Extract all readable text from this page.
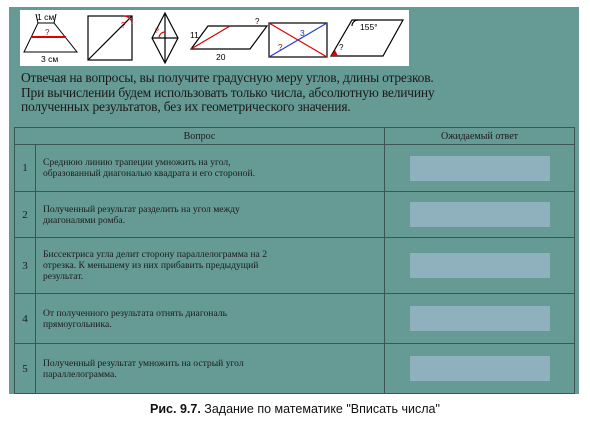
1 см
3 см
?
?
?	11
20
?
3
?
155°
?
Отвечая на вопросы, вы получите градусную меру углов, длины отрезков.
При вычислении будем использовать только числа, абсолютную величину
полученных результатов, без их геометрического значения.
Вопрос		Ожидаемый ответ
1	Среднюю линию трапеции умножить на угол,
образованный диагональю квадрата и его стороной.	

2	Полученный результат разделить на угол между
диагоналями ромба.	

3	Биссектриса угла делит сторону параллелограмма на 2
отрезка. К меньшему из них прибавить предыдущий
результат.	

4	От полученного результата отнять диагональ
прямоугольника.	

5	Полученный результат умножить на острый угол
параллелограмма.	

Рис. 9.7. Задание по математике "Вписать числа"
